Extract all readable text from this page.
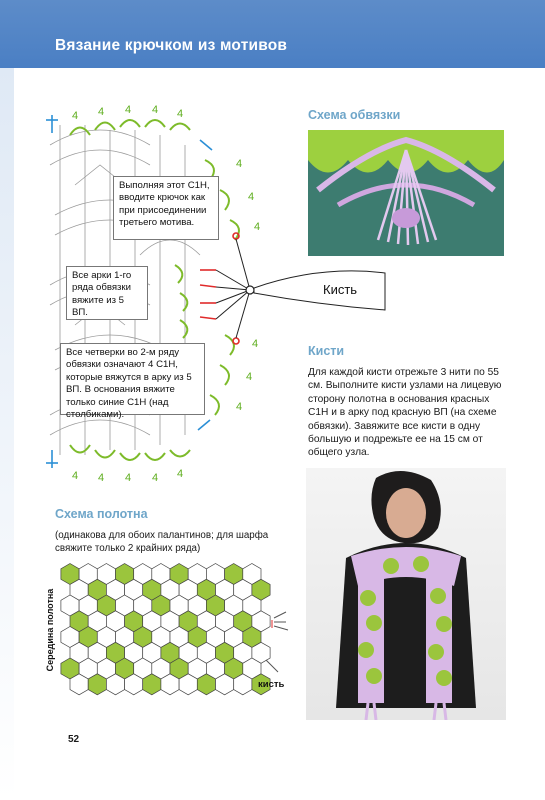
Вязание крючком из мотивов
4 4 4 4 4
4
4
4
4
4
4
4 4 4 4 4
Выполняя этот С1Н, вводите крючок как при присоединении третьего мотива.
Все арки 1-го ряда обвязки вяжите из 5 ВП.
Все четверки во 2-м ряду обвязки означают 4 С1Н, которые вяжутся в арку из 5 ВП. В основания вяжите только синие С1Н (над столбиками).
Кисть
Схема обвязки
Кисти
Для каждой кисти отрежьте 3 нити по 55 см. Выполните кисти узлами на лицевую сторону полотна в основания красных С1Н и в арку под красную ВП (на схеме обвязки). Завяжите все кисти в одну большую и подрежьте ее на 15 см от общего узла.
Схема полотна
(одинакова для обоих палантинов; для шарфа свяжите только 2 крайних ряда)
Середина полотна
кисть
52
